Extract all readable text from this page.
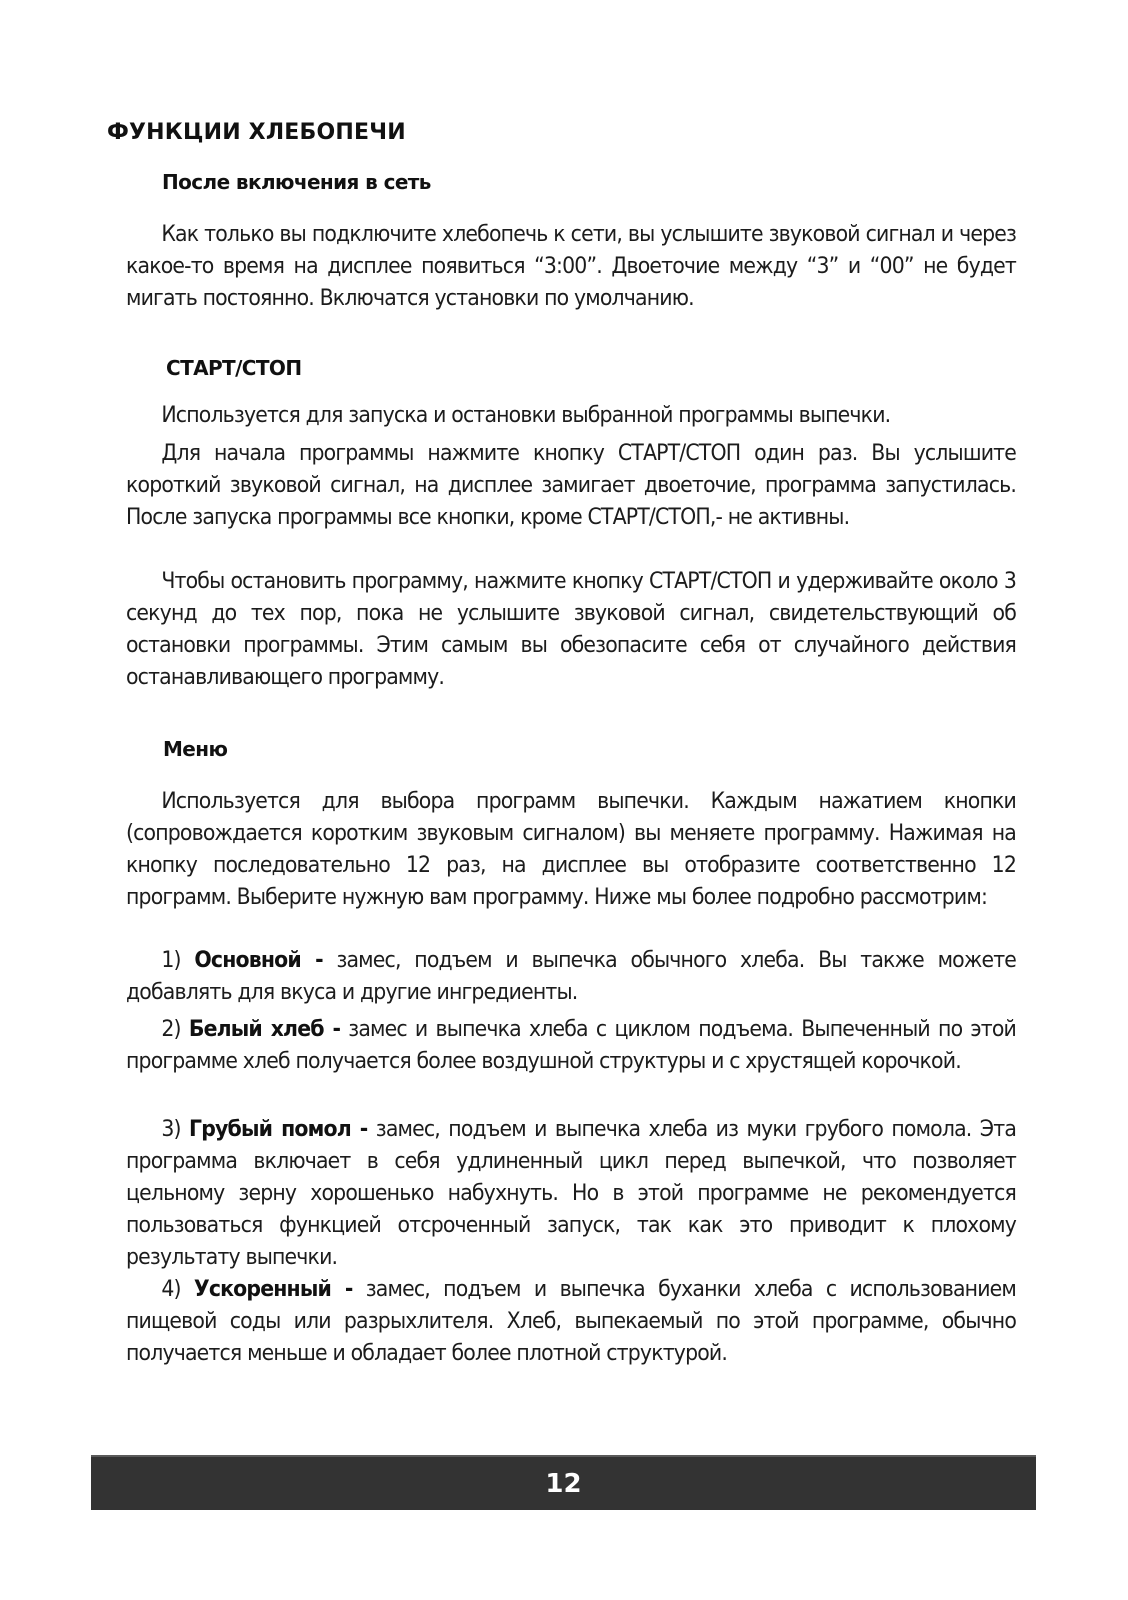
ФУНКЦИИ ХЛЕБОПЕЧИ
После включения в сеть

Как только вы подключите хлебопечь к сети, вы услышите звуковой сигнал и через какое-то время на дисплее появиться “3:00”. Двоеточие между “3” и “00” не будет мигать постоянно. Включатся установки по умолчанию.

СТАРТ/СТОП

Используется для запуска и остановки выбранной программы выпечки.

Для начала программы нажмите кнопку СТАРТ/СТОП один раз. Вы услышите короткий звуковой сигнал, на дисплее замигает двоеточие, программа запустилась. После запуска программы все кнопки, кроме СТАРТ/СТОП,- не активны.

Чтобы остановить программу, нажмите кнопку СТАРТ/СТОП и удерживайте около 3 секунд до тех пор, пока не услышите звуковой сигнал, свидетельствующий об остановки программы. Этим самым вы обезопасите себя от случайного действия останавливающего программу.

Меню

Используется для выбора программ выпечки. Каждым нажатием кнопки (сопровождается коротким звуковым сигналом) вы меняете программу. Нажимая на кнопку последовательно 12 раз, на дисплее вы отобразите соответственно 12 программ. Выберите нужную вам программу. Ниже мы более подробно рассмотрим:

1) Основной - замес, подъем и выпечка обычного хлеба. Вы также можете добавлять для вкуса и другие ингредиенты.

2) Белый хлеб - замес и выпечка хлеба с циклом подъема. Выпеченный по этой программе хлеб получается более воздушной структуры и с хрустящей корочкой.

3) Грубый помол - замес, подъем и выпечка хлеба из муки грубого помола. Эта программа включает в себя удлиненный цикл перед выпечкой, что позволяет цельному зерну хорошенько набухнуть. Но в этой программе не рекомендуется пользоваться функцией отсроченный запуск, так как это приводит к плохому результату выпечки.

4) Ускоренный - замес, подъем и выпечка буханки хлеба с использованием пищевой соды или разрыхлителя. Хлеб, выпекаемый по этой программе, обычно получается меньше и обладает более плотной структурой.

12
